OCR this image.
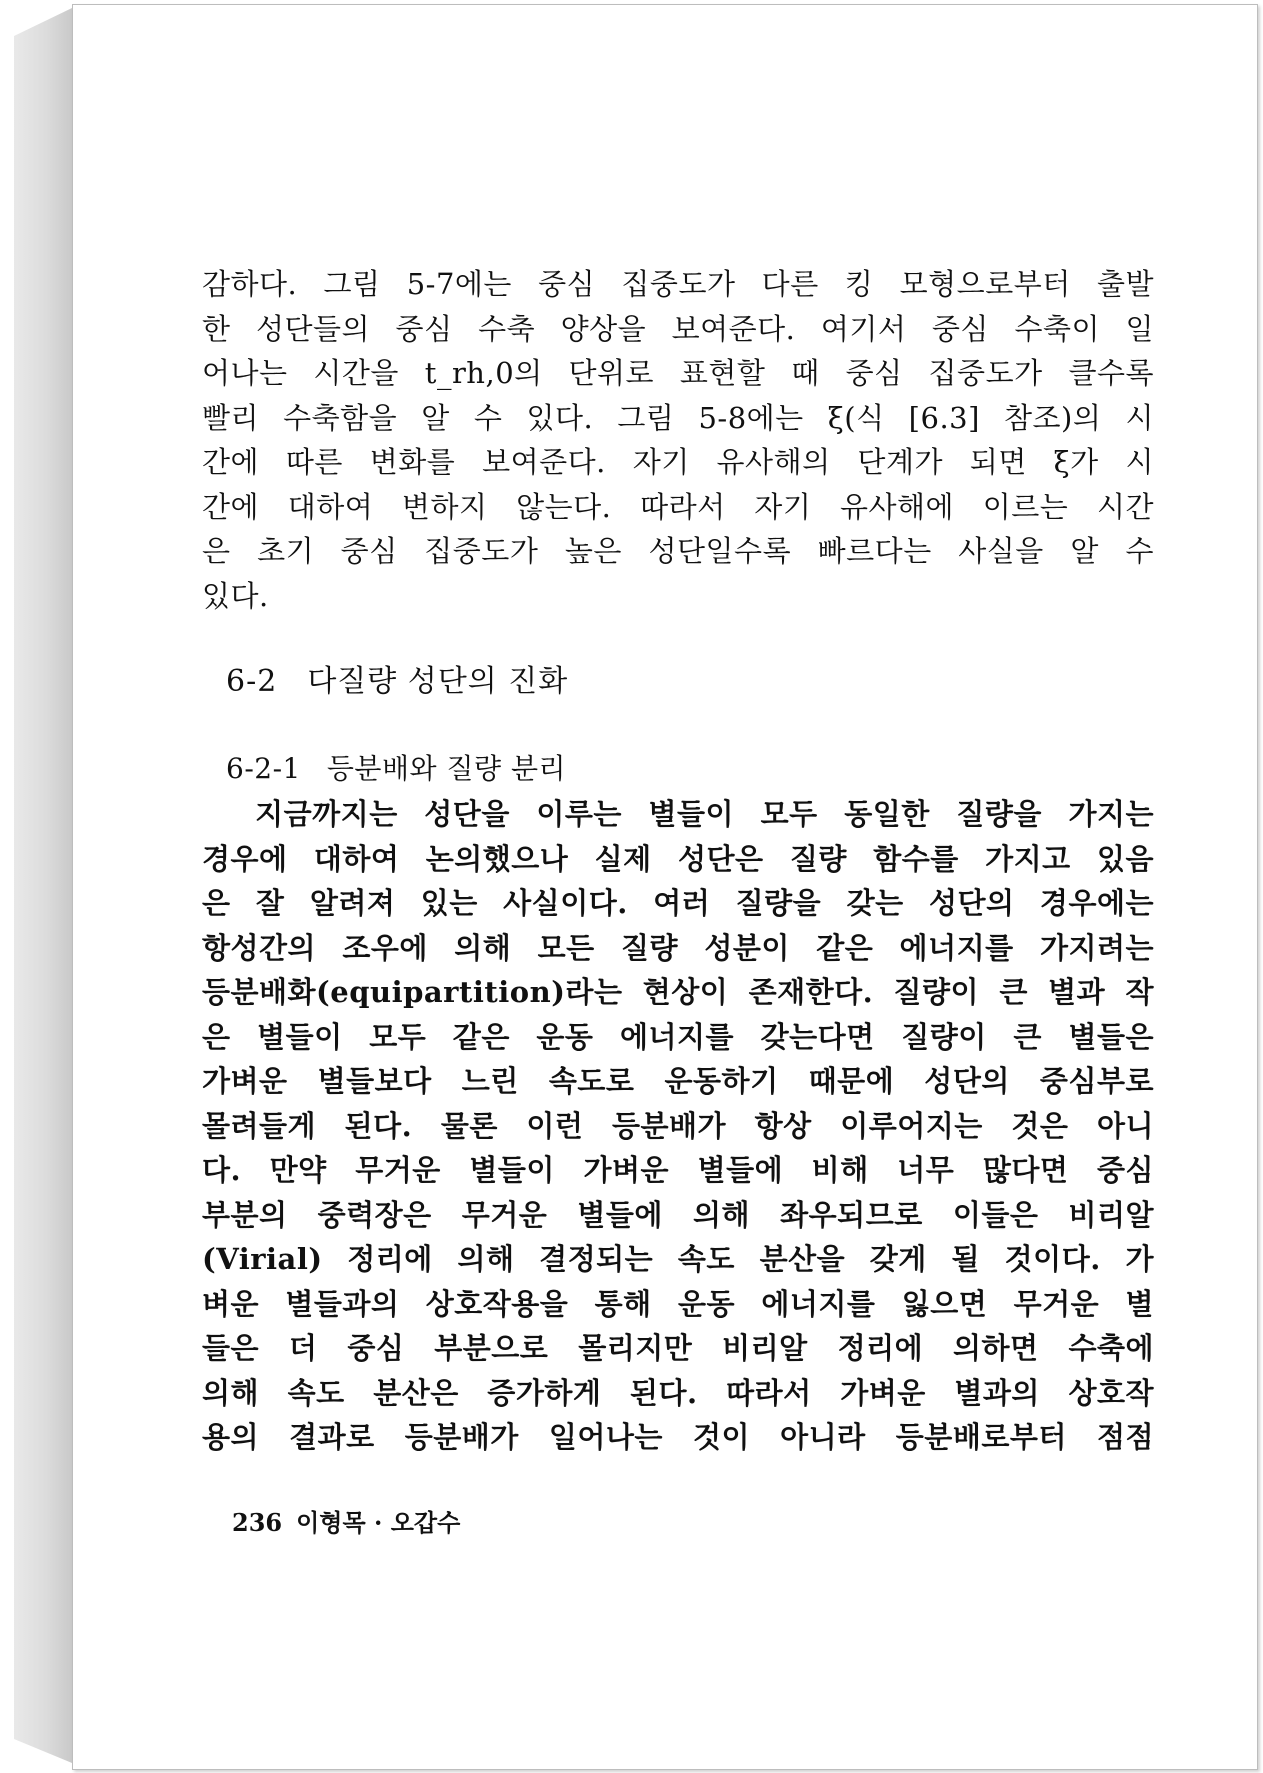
감하다. 그림 5-7에는 중심 집중도가 다른 킹 모형으로부터 출발
한 성단들의 중심 수축 양상을 보여준다. 여기서 중심 수축이 일
어나는 시간을 t_rh,0의 단위로 표현할 때 중심 집중도가 클수록
빨리 수축함을 알 수 있다. 그림 5-8에는 ξ(식 [6.3] 참조)의 시
간에 따른 변화를 보여준다. 자기 유사해의 단계가 되면 ξ가 시
간에 대하여 변하지 않는다. 따라서 자기 유사해에 이르는 시간
은 초기 중심 집중도가 높은 성단일수록 빠르다는 사실을 알 수
있다.
6-2 다질량 성단의 진화
6-2-1 등분배와 질량 분리
지금까지는 성단을 이루는 별들이 모두 동일한 질량을 가지는
경우에 대하여 논의했으나 실제 성단은 질량 함수를 가지고 있음
은 잘 알려져 있는 사실이다. 여러 질량을 갖는 성단의 경우에는
항성간의 조우에 의해 모든 질량 성분이 같은 에너지를 가지려는
등분배화(equipartition)라는 현상이 존재한다. 질량이 큰 별과 작
은 별들이 모두 같은 운동 에너지를 갖는다면 질량이 큰 별들은
가벼운 별들보다 느린 속도로 운동하기 때문에 성단의 중심부로
몰려들게 된다. 물론 이런 등분배가 항상 이루어지는 것은 아니
다. 만약 무거운 별들이 가벼운 별들에 비해 너무 많다면 중심
부분의 중력장은 무거운 별들에 의해 좌우되므로 이들은 비리알
(Virial) 정리에 의해 결정되는 속도 분산을 갖게 될 것이다. 가
벼운 별들과의 상호작용을 통해 운동 에너지를 잃으면 무거운 별
들은 더 중심 부분으로 몰리지만 비리알 정리에 의하면 수축에
의해 속도 분산은 증가하게 된다. 따라서 가벼운 별과의 상호작
용의 결과로 등분배가 일어나는 것이 아니라 등분배로부터 점점
236 이형목 · 오갑수
